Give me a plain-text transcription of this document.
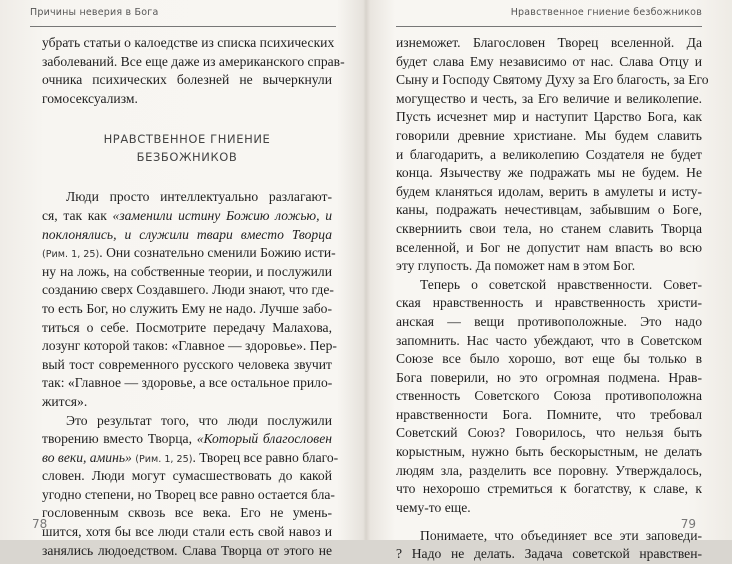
Причины неверия в Бога
убрать статьи о калоедстве из списка психических
заболеваний. Все еще даже из американского справ-
очника психических болезней не вычеркнули
гомосексуализм.
НРАВСТВЕННОЕ ГНИЕНИЕ
БЕЗБОЖНИКОВ
Люди просто интеллектуально разлагают-
ся, так как «заменили истину Божию ложью, и
поклонялись, и служили твари вместо Творца
(Рим. 1, 25). Они сознательно сменили Божию исти-
ну на ложь, на собственные теории, и послужили
созданию сверх Создавшего. Люди знают, что где-
то есть Бог, но служить Ему не надо. Лучше забо-
титься о себе. Посмотрите передачу Малахова,
лозунг которой таков: «Главное — здоровье». Пер-
вый тост современного русского человека звучит
так: «Главное — здоровье, а все остальное прило-
жится».
Это результат того, что люди послужили
творению вместо Творца, «Который благословен
во веки, аминь» (Рим. 1, 25). Творец все равно благо-
словен. Люди могут сумасшествовать до какой
угодно степени, но Творец все равно остается бла-
гословенным сквозь все века. Его не умень-
шится, хотя бы все люди стали есть свой навоз и
занялись людоедством. Слава Творца от этого не
78
Нравственное гниение безбожников
изнеможет. Благословен Творец вселенной. Да
будет слава Ему независимо от нас. Слава Отцу и
Сыну и Господу Святому Духу за Его благость, за Его
могущество и честь, за Его величие и великолепие.
Пусть исчезнет мир и наступит Царство Бога, как
говорили древние христиане. Мы будем славить
и благодарить, а великолепию Создателя не будет
конца. Язычеству же подражать мы не будем. Не
будем кланяться идолам, верить в амулеты и исту-
каны, подражать нечестивцам, забывшим о Боге,
скверниить свои тела, но станем славить Творца
вселенной, и Бог не допустит нам впасть во всю
эту глупость. Да поможет нам в этом Бог.
Теперь о советской нравственности. Совет-
ская нравственность и нравственность христи-
анская — вещи противоположные. Это надо
запомнить. Нас часто убеждают, что в Советском
Союзе все было хорошо, вот еще бы только в
Бога поверили, но это огромная подмена. Нрав-
ственность Советского Союза противоположна
нравственности Бога. Помните, что требовал
Советский Союз? Говорилось, что нельзя быть
корыстным, нужно быть бескорыстным, не делать
людям зла, разделить все поровну. Утверждалось,
что нехорошо стремиться к богатству, к славе, к
чему-то еще.
Понимаете, что объединяет все эти заповеди-
? Надо не делать. Задача советской нравствен-
79
